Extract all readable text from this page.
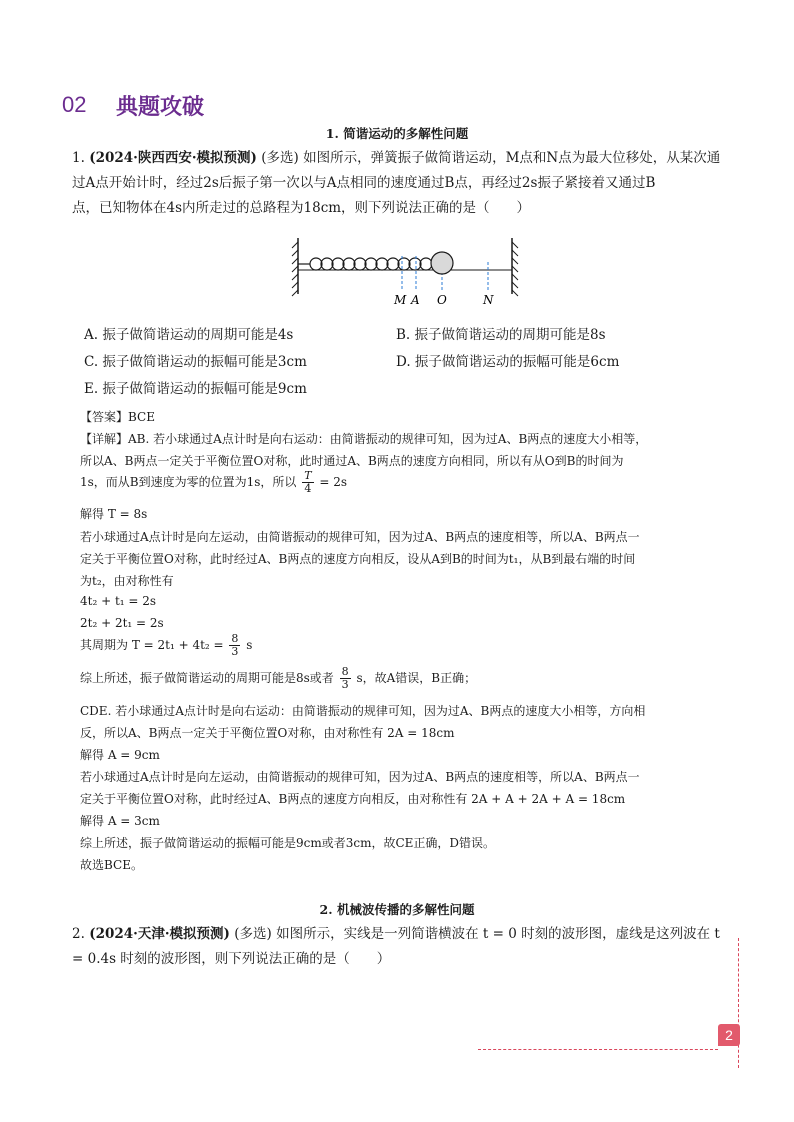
02 典题攻破
1. 简谐运动的多解性问题
1. (2024·陕西西安·模拟预测) (多选) 如图所示，弹簧振子做简谐运动，M点和N点为最大位移处，从某次通
过A点开始计时，经过2s后振子第一次以与A点相同的速度通过B点，再经过2s振子紧接着又通过B
点，已知物体在4s内所走过的总路程为18cm，则下列说法正确的是（　　）
M A O	N
A. 振子做简谐运动的周期可能是4s	B. 振子做简谐运动的周期可能是8s
C. 振子做简谐运动的振幅可能是3cm	D. 振子做简谐运动的振幅可能是6cm
E. 振子做简谐运动的振幅可能是9cm
【答案】BCE
【详解】AB. 若小球通过A点计时是向右运动：由简谐振动的规律可知，因为过A、B两点的速度大小相等，
所以A、B两点一定关于平衡位置O对称，此时通过A、B两点的速度方向相同，所以有从O到B的时间为
1s，而从B到速度为零的位置为1s，所以 $\frac{T}{4} = 2s$
解得 T = 8s
若小球通过A点计时是向左运动，由简谐振动的规律可知，因为过A、B两点的速度相等，所以A、B两点一
定关于平衡位置O对称，此时经过A、B两点的速度方向相反，设从A到B的时间为t₁，从B到最右端的时间
为t₂，由对称性有
4t₂ + t₁ = 2s
2t₂ + 2t₁ = 2s
其周期为 $T = 2t_1 + 4t_2 = \frac{8}{3}$ s
综上所述，振子做简谐运动的周期可能是8s或者 $\frac{8}{3}$ s，故A错误，B正确；
CDE. 若小球通过A点计时是向右运动：由简谐振动的规律可知，因为过A、B两点的速度大小相等，方向相
反，所以A、B两点一定关于平衡位置O对称，由对称性有 2A = 18cm
解得 A = 9cm
若小球通过A点计时是向左运动，由简谐振动的规律可知，因为过A、B两点的速度相等，所以A、B两点一
定关于平衡位置O对称，此时经过A、B两点的速度方向相反，由对称性有 2A + A + 2A + A = 18cm
解得 A = 3cm
综上所述，振子做简谐运动的振幅可能是9cm或者3cm，故CE正确，D错误。
故选BCE。
2. 机械波传播的多解性问题
2. (2024·天津·模拟预测) (多选) 如图所示，实线是一列简谐横波在 t = 0 时刻的波形图，虚线是这列波在 t
= 0.4s 时刻的波形图，则下列说法正确的是（　　）
2
